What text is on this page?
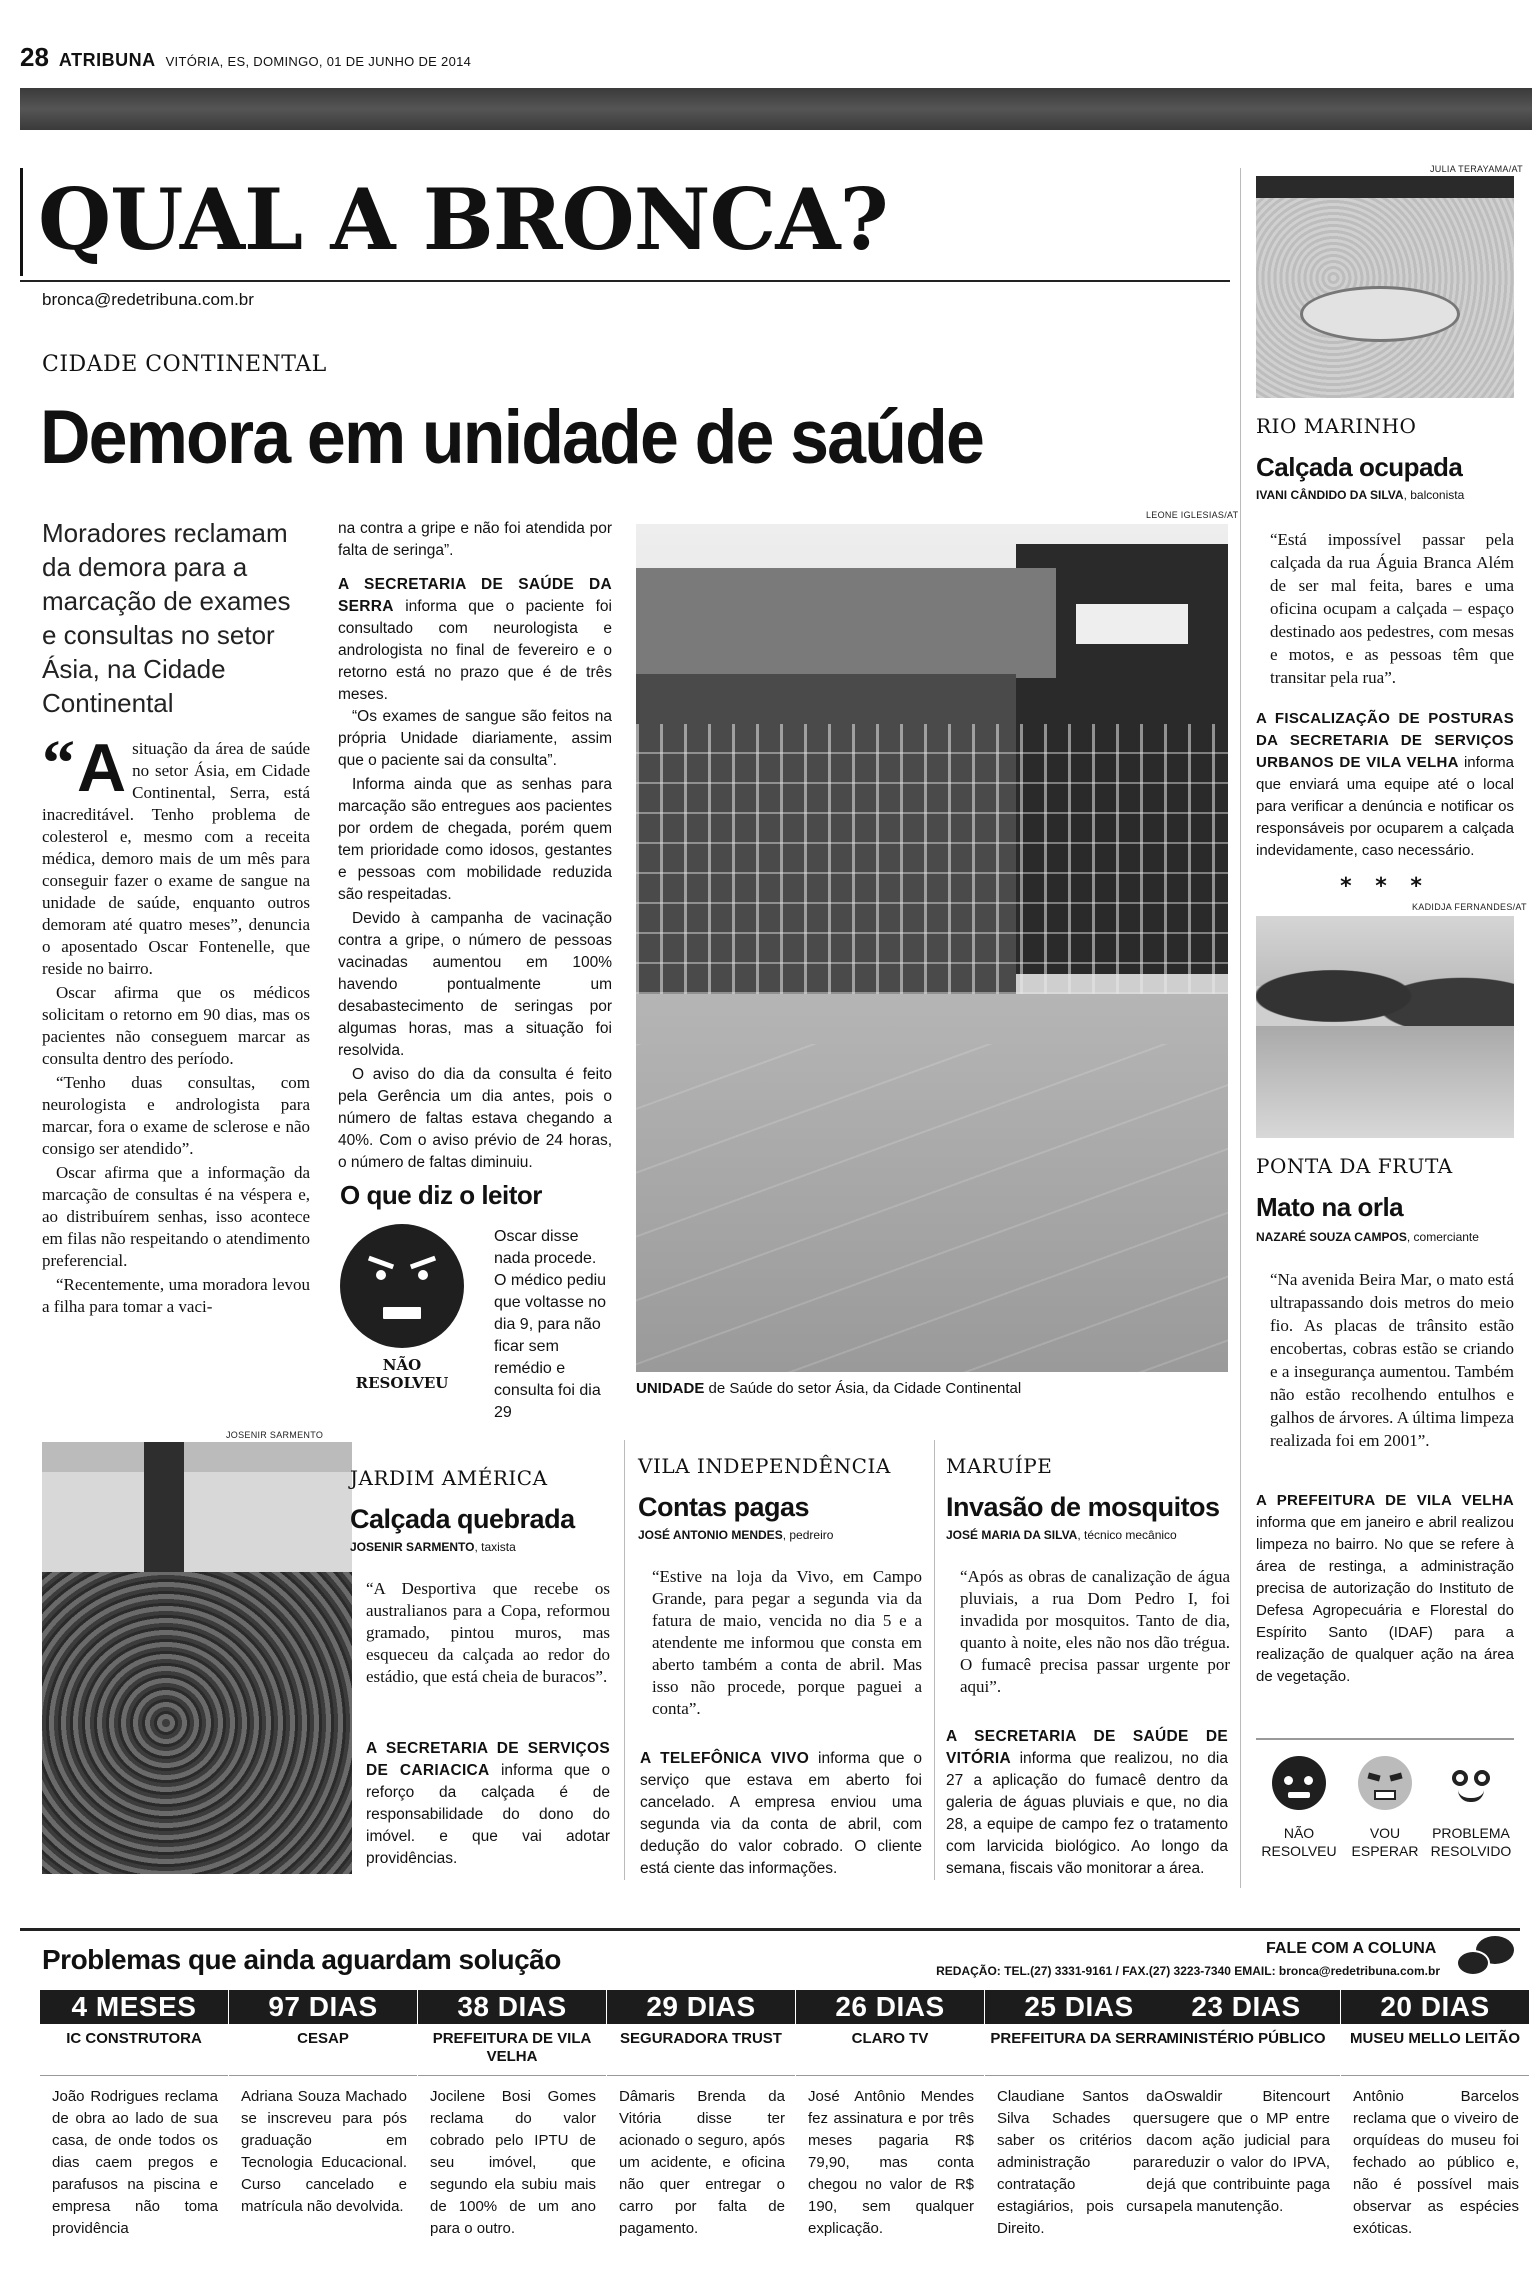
28 ATRIBUNA VITÓRIA, ES, DOMINGO, 01 DE JUNHO DE 2014
QUAL A BRONCA?
bronca@redetribuna.com.br
CIDADE CONTINENTAL
Demora em unidade de saúde
Moradores reclamam da demora para a marcação de exames e consultas no setor Ásia, na Cidade Continental
“ A situação da área de saúde no setor Ásia, em Cidade Continental, Serra, está inacreditável. Tenho problema de colesterol e, mesmo com a receita médica, demoro mais de um mês para conseguir fazer o exame de sangue na unidade de saúde, enquanto outros demoram até quatro meses”, denuncia o aposentado Oscar Fontenelle, que reside no bairro.
Oscar afirma que os médicos solicitam o retorno em 90 dias, mas os pacientes não conseguem marcar as consulta dentro des período.
“Tenho duas consultas, com neurologista e andrologista para marcar, fora o exame de sclerose e não consigo ser atendido”.
Oscar afirma que a informação da marcação de consultas é na véspera e, ao distribuírem senhas, isso acontece em filas não respeitando o atendimento preferencial.
“Recentemente, uma moradora levou a filha para tomar a vaci-
na contra a gripe e não foi atendida por falta de seringa”.
A SECRETARIA DE SAÚDE DA SERRA informa que o paciente foi consultado com neurologista e andrologista no final de fevereiro e o retorno está no prazo que é de três meses.
“Os exames de sangue são feitos na própria Unidade diariamente, assim que o paciente sai da consulta”.
Informa ainda que as senhas para marcação são entregues aos pacientes por ordem de chegada, porém quem tem prioridade como idosos, gestantes e pessoas com mobilidade reduzida são respeitadas.
Devido à campanha de vacinação contra a gripe, o número de pessoas vacinadas aumentou em 100% havendo pontualmente um desabastecimento de seringas por algumas horas, mas a situação foi resolvida.
O aviso do dia da consulta é feito pela Gerência um dia antes, pois o número de faltas estava chegando a 40%. Com o aviso prévio de 24 horas, o número de faltas diminuiu.
O que diz o leitor
NÃO RESOLVEU
Oscar disse nada procede. O médico pediu que voltasse no dia 9, para não ficar sem remédio e consulta foi dia 29
LEONE IGLESIAS/AT
UNIDADE de Saúde do setor Ásia, da Cidade Continental
JULIA TERAYAMA/AT
RIO MARINHO
Calçada ocupada
IVANI CÂNDIDO DA SILVA, balconista
“Está impossível passar pela calçada da rua Águia Branca Além de ser mal feita, bares e uma oficina ocupam a calçada – espaço destinado aos pedestres, com mesas e motos, e as pessoas têm que transitar pela rua”.
A FISCALIZAÇÃO DE POSTURAS DA SECRETARIA DE SERVIÇOS URBANOS DE VILA VELHA informa que enviará uma equipe até o local para verificar a denúncia e notificar os responsáveis por ocuparem a calçada indevidamente, caso necessário.
* * *
KADIDJA FERNANDES/AT
PONTA DA FRUTA
Mato na orla
NAZARÉ SOUZA CAMPOS, comerciante
“Na avenida Beira Mar, o mato está ultrapassando dois metros do meio fio. As placas de trânsito estão encobertas, cobras estão se criando e a insegurança aumentou. Também não estão recolhendo entulhos e galhos de árvores. A última limpeza realizada foi em 2001”.
A PREFEITURA DE VILA VELHA informa que em janeiro e abril realizou limpeza no bairro. No que se refere à área de restinga, a administração precisa de autorização do Instituto de Defesa Agropecuária e Florestal do Espírito Santo (IDAF) para a realização de qualquer ação na área de vegetação.
NÃO RESOLVEU
VOU ESPERAR
PROBLEMA RESOLVIDO
JOSENIR SARMENTO
JARDIM AMÉRICA
Calçada quebrada
JOSENIR SARMENTO, taxista
“A Desportiva que recebe os australianos para a Copa, reformou gramado, pintou muros, mas esqueceu da calçada ao redor do estádio, que está cheia de buracos”.
A SECRETARIA DE SERVIÇOS DE CARIACICA informa que o reforço da calçada é de responsabilidade do dono do imóvel. e que vai adotar providências.
VILA INDEPENDÊNCIA
Contas pagas
JOSÉ ANTONIO MENDES, pedreiro
“Estive na loja da Vivo, em Campo Grande, para pegar a segunda via da fatura de maio, vencida no dia 5 e a atendente me informou que consta em aberto também a conta de abril. Mas isso não procede, porque paguei a conta”.
A TELEFÔNICA VIVO informa que o serviço que estava em aberto foi cancelado. A empresa enviou uma segunda via da conta de abril, com dedução do valor cobrado. O cliente está ciente das informações.
MARUÍPE
Invasão de mosquitos
JOSÉ MARIA DA SILVA, técnico mecânico
“Após as obras de canalização de água pluviais, a rua Dom Pedro I, foi invadida por mosquitos. Tanto de dia, quanto à noite, eles não nos dão trégua. O fumacê precisa passar urgente por aqui”.
A SECRETARIA DE SAÚDE DE VITÓRIA informa que realizou, no dia 27 a aplicação do fumacê dentro da galeria de águas pluviais e que, no dia 28, a equipe de campo fez o tratamento com larvicida biológico. Ao longo da semana, fiscais vão monitorar a área.
Problemas que ainda aguardam solução	FALE COM A COLUNA
REDAÇÃO: TEL.(27) 3331-9161 / FAX.(27) 3223-7340 EMAIL: bronca@redetribuna.com.br
4 MESES
IC CONSTRUTORA
João Rodrigues reclama de obra ao lado de sua casa, de onde todos os dias caem pregos e parafusos na piscina e empresa não toma providência
97 DIAS
CESAP
Adriana Souza Machado se inscreveu para pós graduação em Tecnologia Educacional. Curso cancelado e matrícula não devolvida.
38 DIAS
PREFEITURA DE VILA VELHA
Jocilene Bosi Gomes reclama do valor cobrado pelo IPTU de seu imóvel, que segundo ela subiu mais de 100% de um ano para o outro.
29 DIAS
SEGURADORA TRUST
Dâmaris Brenda da Vitória disse ter acionado o seguro, após um acidente, e oficina não quer entregar o carro por falta de pagamento.
26 DIAS
CLARO TV
José Antônio Mendes fez assinatura e por três meses pagaria R$ 79,90, mas conta chegou no valor de R$ 190, sem qualquer explicação.
25 DIAS
PREFEITURA DA SERRA
Claudiane Santos da Silva Schades quer saber os critérios da administração para contratação de estagiários, pois cursa Direito.
23 DIAS
MINISTÉRIO PÚBLICO
Oswaldir Bitencourt sugere que o MP entre com ação judicial para reduzir o valor do IPVA, já que contribuinte paga pela manutenção.
20 DIAS
MUSEU MELLO LEITÃO
Antônio Barcelos reclama que o viveiro de orquídeas do museu foi fechado ao público e, não é possível mais observar as espécies exóticas.
